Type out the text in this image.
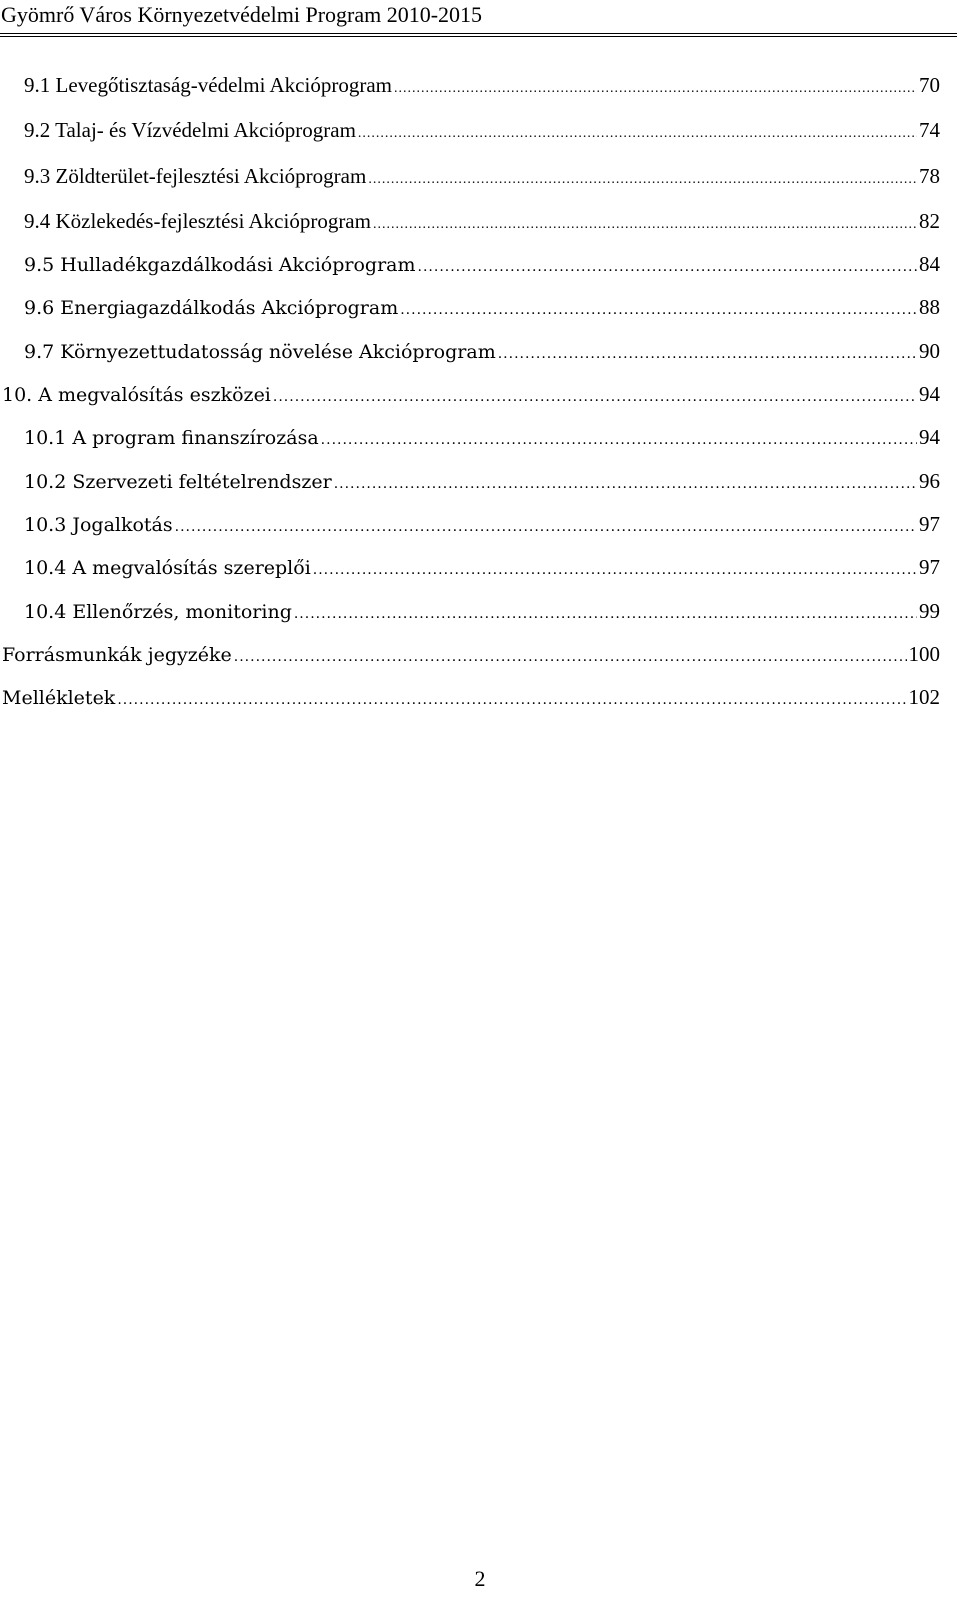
Gyömrő Város Környezetvédelmi Program 2010-2015
9.1 Levegőtisztaság-védelmi Akcióprogram .....	70
9.2 Talaj- és Vízvédelmi Akcióprogram .....	74
9.3 Zöldterület-fejlesztési Akcióprogram .....	78
9.4 Közlekedés-fejlesztési Akcióprogram .....	82
9.5 Hulladékgazdálkodási Akcióprogram .....	84
9.6 Energiagazdálkodás Akcióprogram .....	88
9.7 Környezettudatosság növelése Akcióprogram .....	90
10. A megvalósítás eszközei .....	94
10.1 A program finanszírozása .....	94
10.2 Szervezeti feltételrendszer .....	96
10.3 Jogalkotás .....	97
10.4 A megvalósítás szereplői .....	97
10.4 Ellenőrzés, monitoring .....	99
Forrásmunkák jegyzéke .....	100
Mellékletek .....	102
2
